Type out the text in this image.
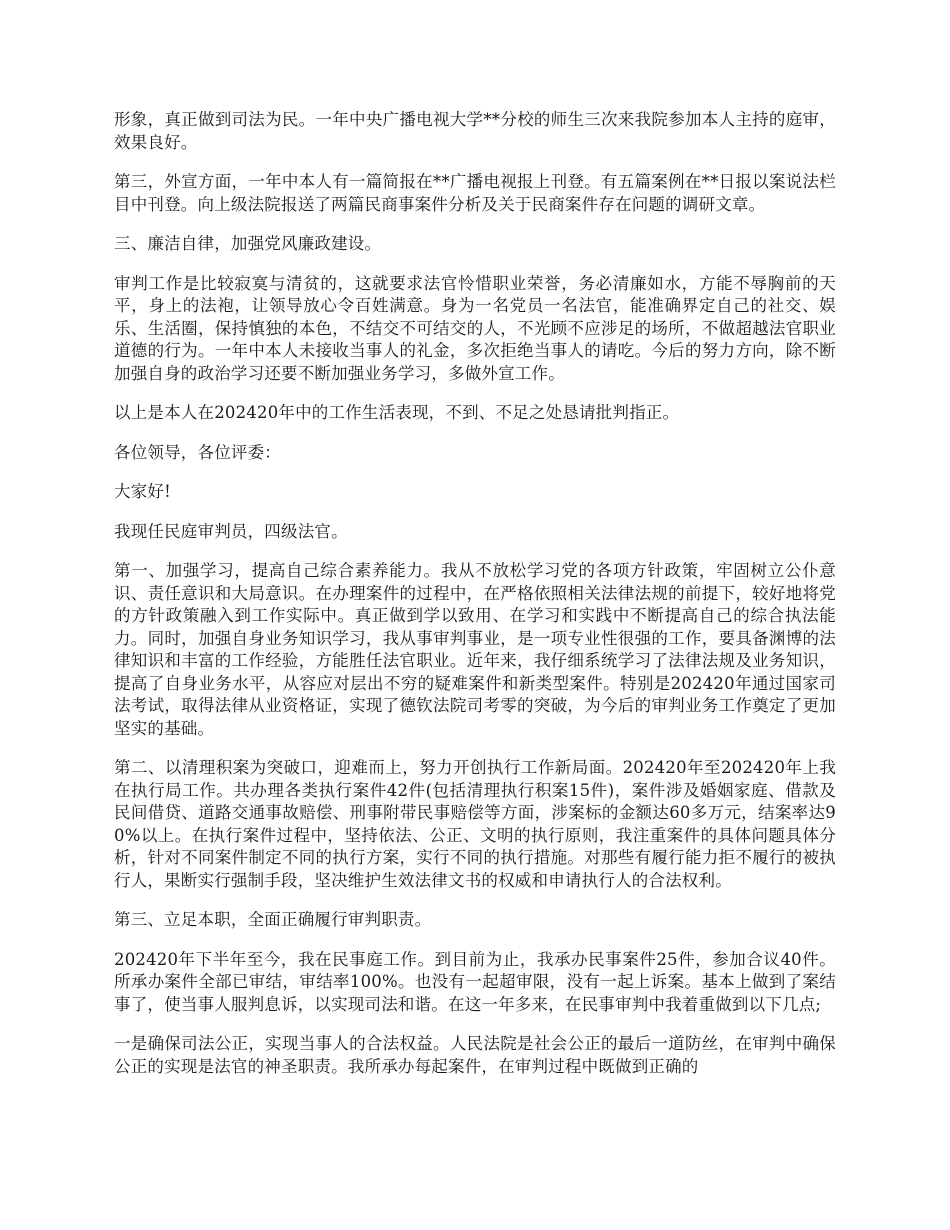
形象，真正做到司法为民。一年中央广播电视大学**分校的师生三次来我院参加本人主持的庭审，效果良好。

第三，外宣方面，一年中本人有一篇简报在**广播电视报上刊登。有五篇案例在**日报以案说法栏目中刊登。向上级法院报送了两篇民商事案件分析及关于民商案件存在问题的调研文章。

三、廉洁自律，加强党风廉政建设。

审判工作是比较寂寞与清贫的，这就要求法官怜惜职业荣誉，务必清廉如水，方能不辱胸前的天平，身上的法袍，让领导放心令百姓满意。身为一名党员一名法官，能准确界定自己的社交、娱乐、生活圈，保持慎独的本色，不结交不可结交的人，不光顾不应涉足的场所，不做超越法官职业道德的行为。一年中本人未接收当事人的礼金，多次拒绝当事人的请吃。今后的努力方向，除不断加强自身的政治学习还要不断加强业务学习，多做外宣工作。

以上是本人在202420年中的工作生活表现，不到、不足之处恳请批判指正。

各位领导，各位评委：

大家好!

我现任民庭审判员，四级法官。

第一、加强学习，提高自己综合素养能力。我从不放松学习党的各项方针政策，牢固树立公仆意识、责任意识和大局意识。在办理案件的过程中，在严格依照相关法律法规的前提下，较好地将党的方针政策融入到工作实际中。真正做到学以致用、在学习和实践中不断提高自己的综合执法能力。同时，加强自身业务知识学习，我从事审判事业，是一项专业性很强的工作，要具备渊博的法律知识和丰富的工作经验，方能胜任法官职业。近年来，我仔细系统学习了法律法规及业务知识，提高了自身业务水平，从容应对层出不穷的疑难案件和新类型案件。特别是202420年通过国家司法考试，取得法律从业资格证，实现了德钦法院司考零的突破，为今后的审判业务工作奠定了更加坚实的基础。

第二、以清理积案为突破口，迎难而上，努力开创执行工作新局面。202420年至202420年上我在执行局工作。共办理各类执行案件42件(包括清理执行积案15件)，案件涉及婚姻家庭、借款及民间借贷、道路交通事故赔偿、刑事附带民事赔偿等方面，涉案标的金额达60多万元，结案率达90%以上。在执行案件过程中，坚持依法、公正、文明的执行原则，我注重案件的具体问题具体分析，针对不同案件制定不同的执行方案，实行不同的执行措施。对那些有履行能力拒不履行的被执行人，果断实行强制手段，坚决维护生效法律文书的权威和申请执行人的合法权利。

第三、立足本职，全面正确履行审判职责。

202420年下半年至今，我在民事庭工作。到目前为止，我承办民事案件25件，参加合议40件。所承办案件全部已审结，审结率100%。也没有一起超审限，没有一起上诉案。基本上做到了案结事了，使当事人服判息诉，以实现司法和谐。在这一年多来，在民事审判中我着重做到以下几点;

一是确保司法公正，实现当事人的合法权益。人民法院是社会公正的最后一道防丝，在审判中确保公正的实现是法官的神圣职责。我所承办每起案件，在审判过程中既做到正确的
